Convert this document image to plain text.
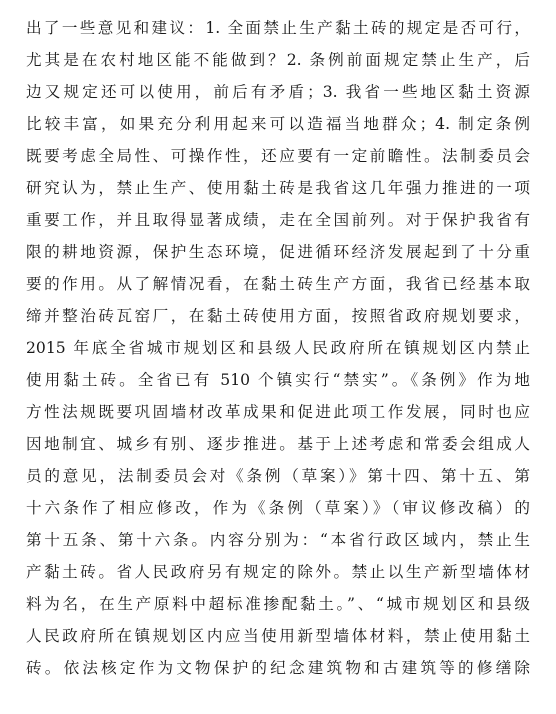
出了一些意见和建议：1. 全面禁止生产黏土砖的规定是否可行，
尤其是在农村地区能不能做到？2. 条例前面规定禁止生产，后
边又规定还可以使用，前后有矛盾；3. 我省一些地区黏土资源
比较丰富，如果充分利用起来可以造福当地群众；4. 制定条例
既要考虑全局性、可操作性，还应要有一定前瞻性。法制委员会
研究认为，禁止生产、使用黏土砖是我省这几年强力推进的一项
重要工作，并且取得显著成绩，走在全国前列。对于保护我省有
限的耕地资源，保护生态环境，促进循环经济发展起到了十分重
要的作用。从了解情况看，在黏土砖生产方面，我省已经基本取
缔并整治砖瓦窑厂，在黏土砖使用方面，按照省政府规划要求，
2015 年底全省城市规划区和县级人民政府所在镇规划区内禁止
使用黏土砖。全省已有 510 个镇实行“禁实”。《条例》作为地
方性法规既要巩固墙材改革成果和促进此项工作发展，同时也应
因地制宜、城乡有别、逐步推进。基于上述考虑和常委会组成人
员的意见，法制委员会对《条例（草案）》第十四、第十五、第
十六条作了相应修改，作为《条例（草案）》（审议修改稿）的
第十五条、第十六条。内容分别为：“本省行政区域内，禁止生
产黏土砖。省人民政府另有规定的除外。禁止以生产新型墙体材
料为名，在生产原料中超标准掺配黏土。”、“城市规划区和县级
人民政府所在镇规划区内应当使用新型墙体材料，禁止使用黏土
砖。依法核定作为文物保护的纪念建筑物和古建筑等的修缮除
